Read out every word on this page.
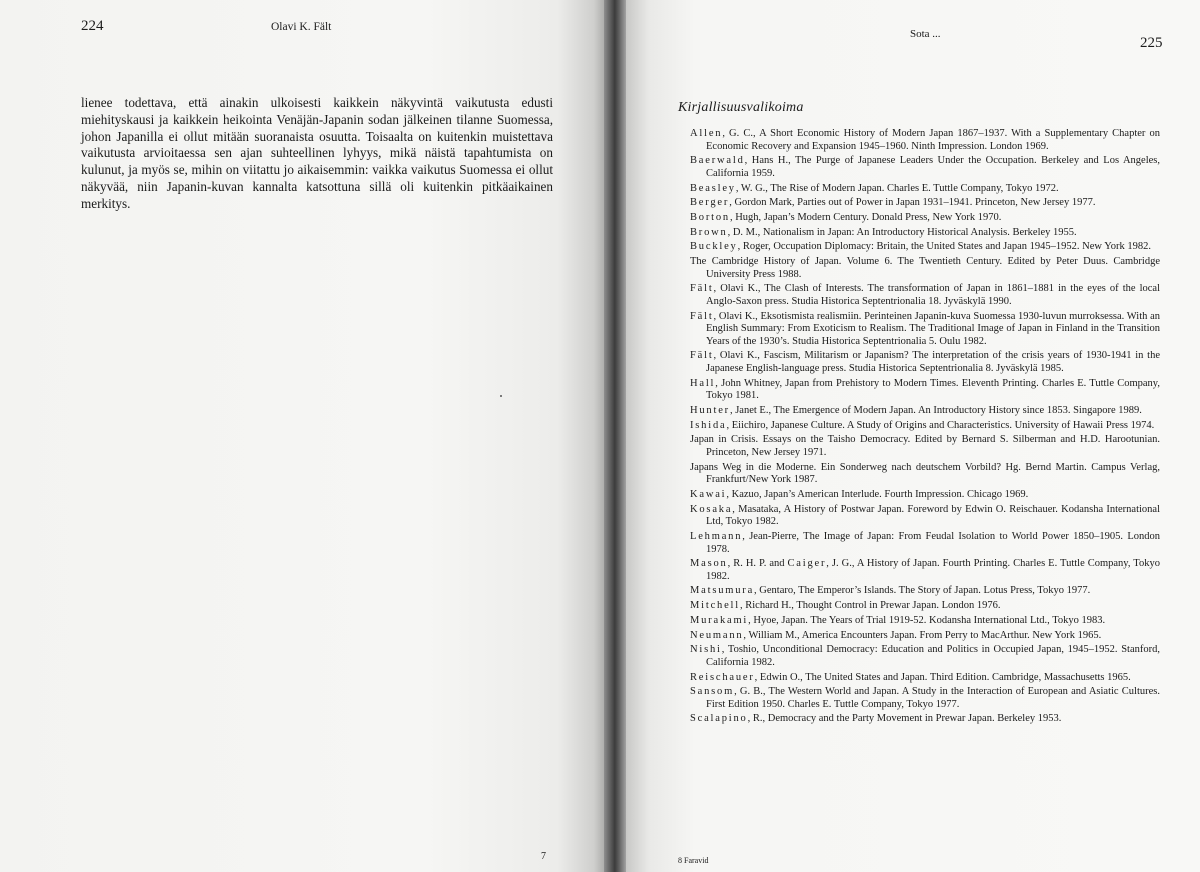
224	Olavi K. Fält
lienee todettava, että ainakin ulkoisesti kaikkein näkyvintä vaikutusta edusti miehityskausi ja kaikkein heikointa Venäjän-Japanin sodan jälkeinen tilanne Suomessa, johon Japanilla ei ollut mitään suoranaista osuutta. Toisaalta on kuitenkin muistettava vaikutusta arvioitaessa sen ajan suhteellinen lyhyys, mikä näistä tapahtumista on kulunut, ja myös se, mihin on viitattu jo aikaisemmin: vaikka vaikutus Suomessa ei ollut näkyvää, niin Japanin-kuvan kannalta katsottuna sillä oli kuitenkin pitkäaikainen merkitys.
7
Sota ...
225
Kirjallisuusvalikoima
Allen, G. C., A Short Economic History of Modern Japan 1867–1937. With a Supplementary Chapter on Economic Recovery and Expansion 1945–1960. Ninth Impression. London 1969.
Baerwald, Hans H., The Purge of Japanese Leaders Under the Occupation. Berkeley and Los Angeles, California 1959.
Beasley, W. G., The Rise of Modern Japan. Charles E. Tuttle Company, Tokyo 1972.
Berger, Gordon Mark, Parties out of Power in Japan 1931–1941. Princeton, New Jersey 1977.
Borton, Hugh, Japan’s Modern Century. Donald Press, New York 1970.
Brown, D. M., Nationalism in Japan: An Introductory Historical Analysis. Berkeley 1955.
Buckley, Roger, Occupation Diplomacy: Britain, the United States and Japan 1945–1952. New York 1982.
The Cambridge History of Japan. Volume 6. The Twentieth Century. Edited by Peter Duus. Cambridge University Press 1988.
Fält, Olavi K., The Clash of Interests. The transformation of Japan in 1861–1881 in the eyes of the local Anglo-Saxon press. Studia Historica Septentrionalia 18. Jyväskylä 1990.
Fält, Olavi K., Eksotismista realismiin. Perinteinen Japanin-kuva Suomessa 1930-luvun murroksessa. With an English Summary: From Exoticism to Realism. The Traditional Image of Japan in Finland in the Transition Years of the 1930’s. Studia Historica Septentrionalia 5. Oulu 1982.
Fält, Olavi K., Fascism, Militarism or Japanism? The interpretation of the crisis years of 1930-1941 in the Japanese English-language press. Studia Historica Septentrionalia 8. Jyväskylä 1985.
Hall, John Whitney, Japan from Prehistory to Modern Times. Eleventh Printing. Charles E. Tuttle Company, Tokyo 1981.
Hunter, Janet E., The Emergence of Modern Japan. An Introductory History since 1853. Singapore 1989.
Ishida, Eiichiro, Japanese Culture. A Study of Origins and Characteristics. University of Hawaii Press 1974.
Japan in Crisis. Essays on the Taisho Democracy. Edited by Bernard S. Silberman and H.D. Harootunian. Princeton, New Jersey 1971.
Japans Weg in die Moderne. Ein Sonderweg nach deutschem Vorbild? Hg. Bernd Martin. Campus Verlag, Frankfurt/New York 1987.
Kawai, Kazuo, Japan’s American Interlude. Fourth Impression. Chicago 1969.
Kosaka, Masataka, A History of Postwar Japan. Foreword by Edwin O. Reischauer. Kodansha International Ltd, Tokyo 1982.
Lehmann, Jean-Pierre, The Image of Japan: From Feudal Isolation to World Power 1850–1905. London 1978.
Mason, R. H. P. and Caiger, J. G., A History of Japan. Fourth Printing. Charles E. Tuttle Company, Tokyo 1982.
Matsumura, Gentaro, The Emperor’s Islands. The Story of Japan. Lotus Press, Tokyo 1977.
Mitchell, Richard H., Thought Control in Prewar Japan. London 1976.
Murakami, Hyoe, Japan. The Years of Trial 1919-52. Kodansha International Ltd., Tokyo 1983.
Neumann, William M., America Encounters Japan. From Perry to MacArthur. New York 1965.
Nishi, Toshio, Unconditional Democracy: Education and Politics in Occupied Japan, 1945–1952. Stanford, California 1982.
Reischauer, Edwin O., The United States and Japan. Third Edition. Cambridge, Massachusetts 1965.
Sansom, G. B., The Western World and Japan. A Study in the Interaction of European and Asiatic Cultures. First Edition 1950. Charles E. Tuttle Company, Tokyo 1977.
Scalapino, R., Democracy and the Party Movement in Prewar Japan. Berkeley 1953.
8 Faravid
